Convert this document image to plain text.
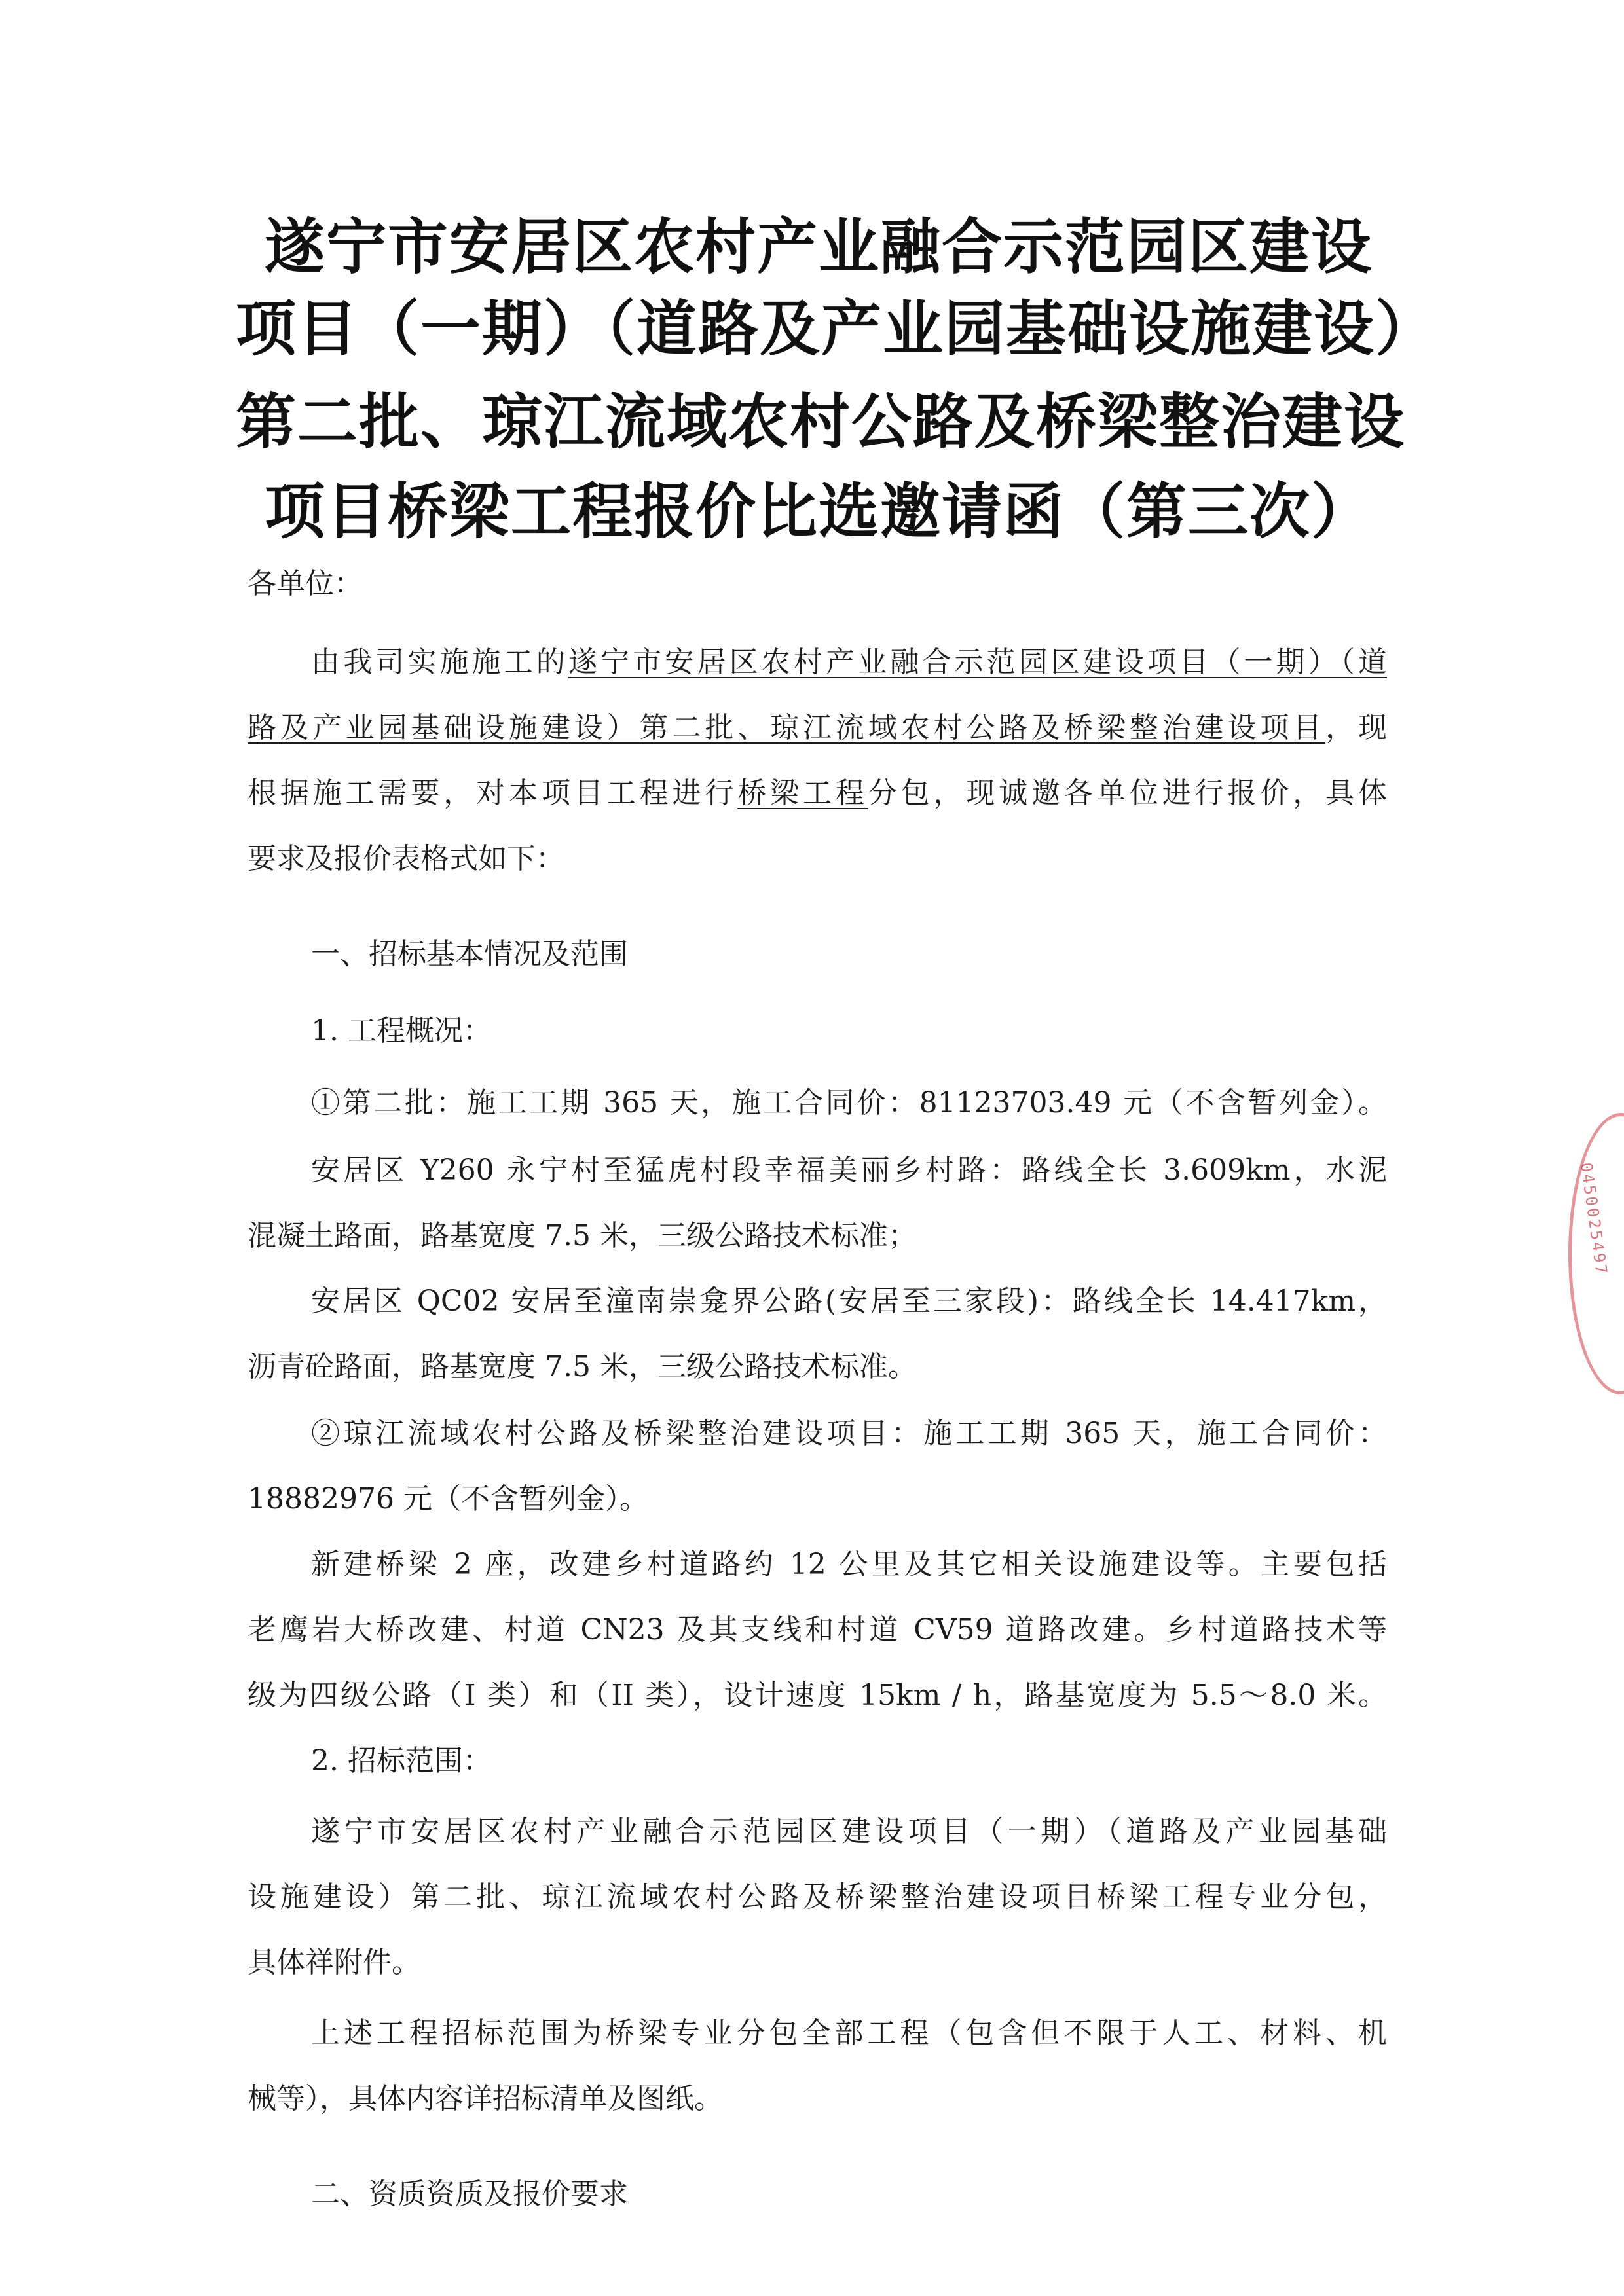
遂宁市安居区农村产业融合示范园区建设
项目（一期）（道路及产业园基础设施建设）
第二批、琼江流域农村公路及桥梁整治建设
项目桥梁工程报价比选邀请函（第三次）
各单位：
由我司实施施工的遂宁市安居区农村产业融合示范园区建设项目（一期）（道
路及产业园基础设施建设）第二批、琼江流域农村公路及桥梁整治建设项目，现
根据施工需要，对本项目工程进行桥梁工程分包，现诚邀各单位进行报价，具体
要求及报价表格式如下：
一、招标基本情况及范围
1. 工程概况：
①第二批：施工工期 365 天，施工合同价：81123703.49 元（不含暂列金）。
安居区 Y260 永宁村至猛虎村段幸福美丽乡村路：路线全长 3.609km，水泥
混凝土路面，路基宽度 7.5 米，三级公路技术标准；
安居区 QC02 安居至潼南崇龛界公路(安居至三家段)：路线全长 14.417km，
沥青砼路面，路基宽度 7.5 米，三级公路技术标准。
②琼江流域农村公路及桥梁整治建设项目：施工工期 365 天，施工合同价：
18882976 元（不含暂列金）。
新建桥梁 2 座，改建乡村道路约 12 公里及其它相关设施建设等。主要包括
老鹰岩大桥改建、村道 CN23 及其支线和村道 CV59 道路改建。乡村道路技术等
级为四级公路（I 类）和（II 类），设计速度 15km / h，路基宽度为 5.5～8.0 米。
2. 招标范围：
遂宁市安居区农村产业融合示范园区建设项目（一期）（道路及产业园基础
设施建设）第二批、琼江流域农村公路及桥梁整治建设项目桥梁工程专业分包，
具体祥附件。
上述工程招标范围为桥梁专业分包全部工程（包含但不限于人工、材料、机
械等），具体内容详招标清单及图纸。
二、资质资质及报价要求
0450025497
